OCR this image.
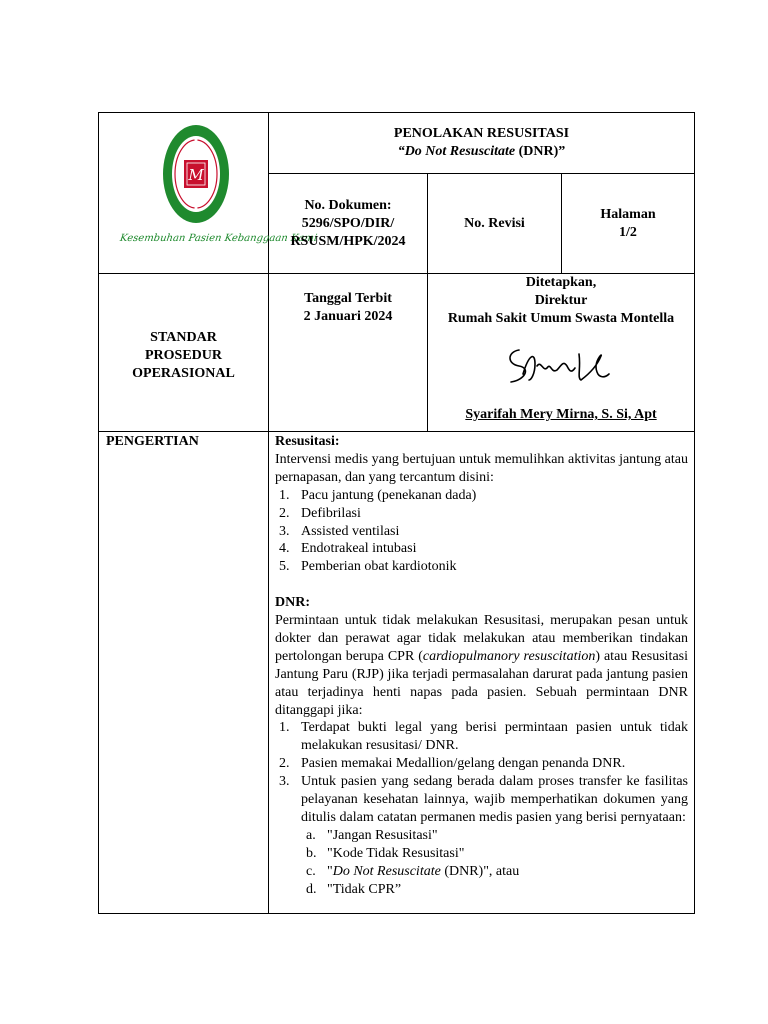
M
Kesembuhan Pasien Kebanggaan Kami
PENOLAKAN RESUSITASI
“Do Not Resuscitate (DNR)”
No. Dokumen:
5296/SPO/DIR/
RSUSM/HPK/2024
No. Revisi
Halaman
1/2
STANDAR
PROSEDUR
OPERASIONAL
Tanggal Terbit
2 Januari 2024
Ditetapkan,
Direktur
Rumah Sakit Umum Swasta Montella
Syarifah Mery Mirna, S. Si, Apt
PENGERTIAN	Resusitasi:

Intervensi medis yang bertujuan untuk memulihkan aktivitas jantung atau pernapasan, dan yang tercantum disini:

1. Pacu jantung (penekanan dada)
2. Defibrilasi
3. Assisted ventilasi
4. Endotrakeal intubasi
5. Pemberian obat kardiotonik

DNR:

Permintaan untuk tidak melakukan Resusitasi, merupakan pesan untuk dokter dan perawat agar tidak melakukan atau memberikan tindakan pertolongan berupa CPR (cardiopulmanory resuscitation) atau Resusitasi Jantung Paru (RJP) jika terjadi permasalahan darurat pada jantung pasien atau terjadinya henti napas pada pasien. Sebuah permintaan DNR ditanggapi jika:

1. Terdapat bukti legal yang berisi permintaan pasien untuk tidak melakukan resusitasi/ DNR.
2. Pasien memakai Medallion/gelang dengan penanda DNR.
3. Untuk pasien yang sedang berada dalam proses transfer ke fasilitas pelayanan kesehatan lainnya, wajib memperhatikan dokumen yang ditulis dalam catatan permanen medis pasien yang berisi pernyataan:
a. "Jangan Resusitasi"
b. "Kode Tidak Resusitasi"
c. "Do Not Resuscitate (DNR)", atau
d. "Tidak CPR”
